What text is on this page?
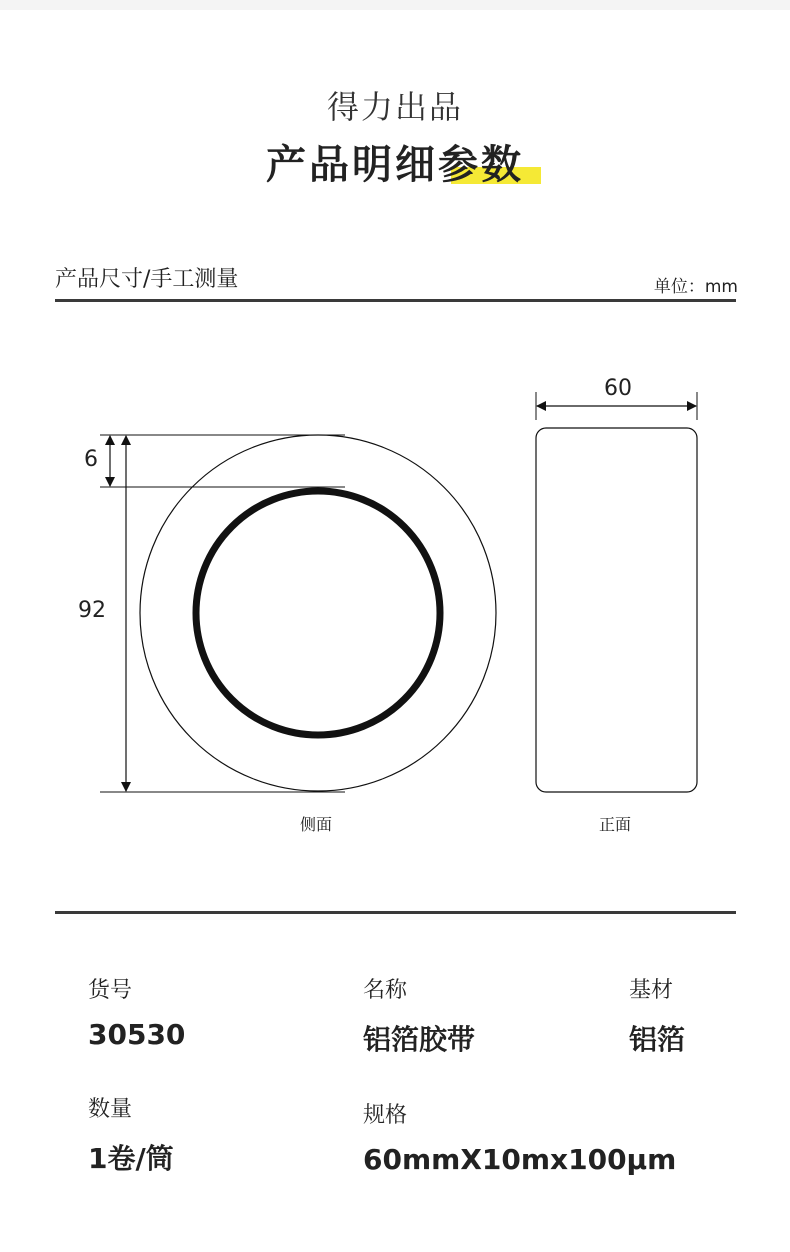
得力出品
产品明细参数
产品尺寸/手工测量	单位：mm
60
6
92
侧面	正面
货号
30530
名称
铝箔胶带
基材
铝箔
数量
1卷/筒
规格
60mmX10mx100µm
